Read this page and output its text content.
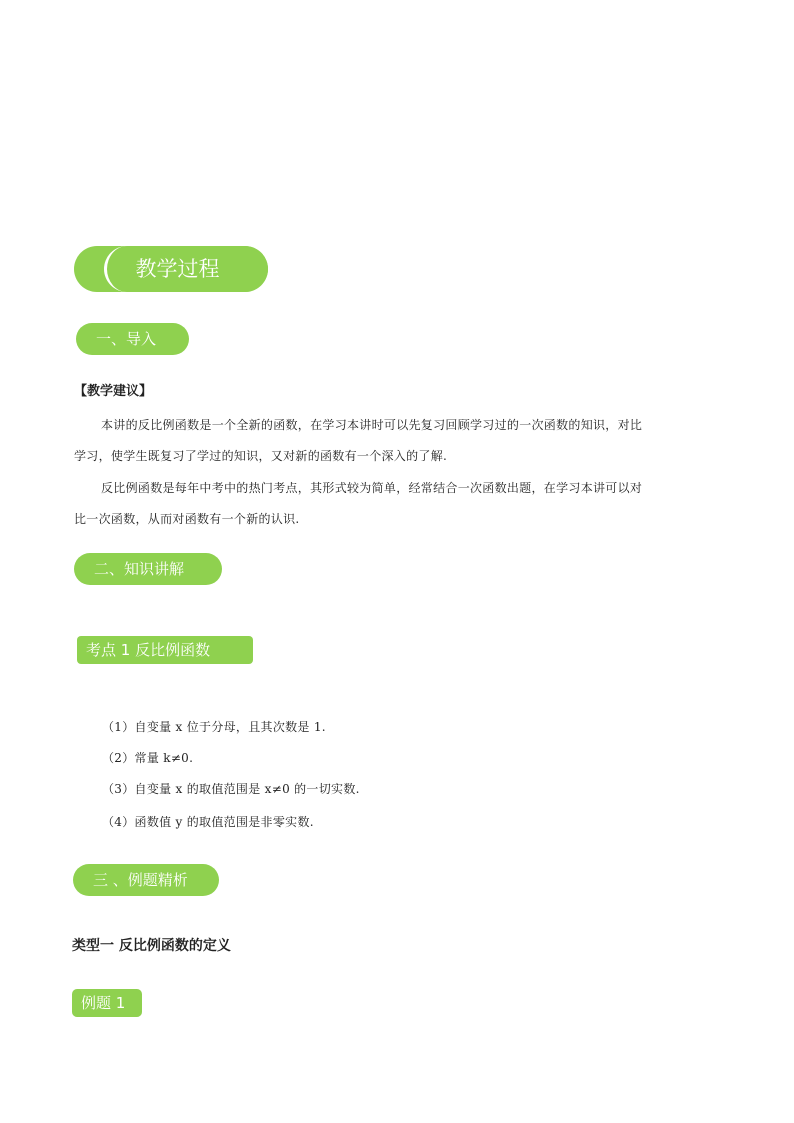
教学过程
一、导入
【教学建议】
本讲的反比例函数是一个全新的函数，在学习本讲时可以先复习回顾学习过的一次函数的知识，对比
学习，使学生既复习了学过的知识，又对新的函数有一个深入的了解.
反比例函数是每年中考中的热门考点，其形式较为简单，经常结合一次函数出题，在学习本讲可以对
比一次函数，从而对函数有一个新的认识.
二、知识讲解
考点 1 反比例函数
（1）自变量 x 位于分母，且其次数是 1.
（2）常量 k≠0.
（3）自变量 x 的取值范围是 x≠0 的一切实数.
（4）函数值 y 的取值范围是非零实数.
三 、例题精析
类型一 反比例函数的定义
例题 1
